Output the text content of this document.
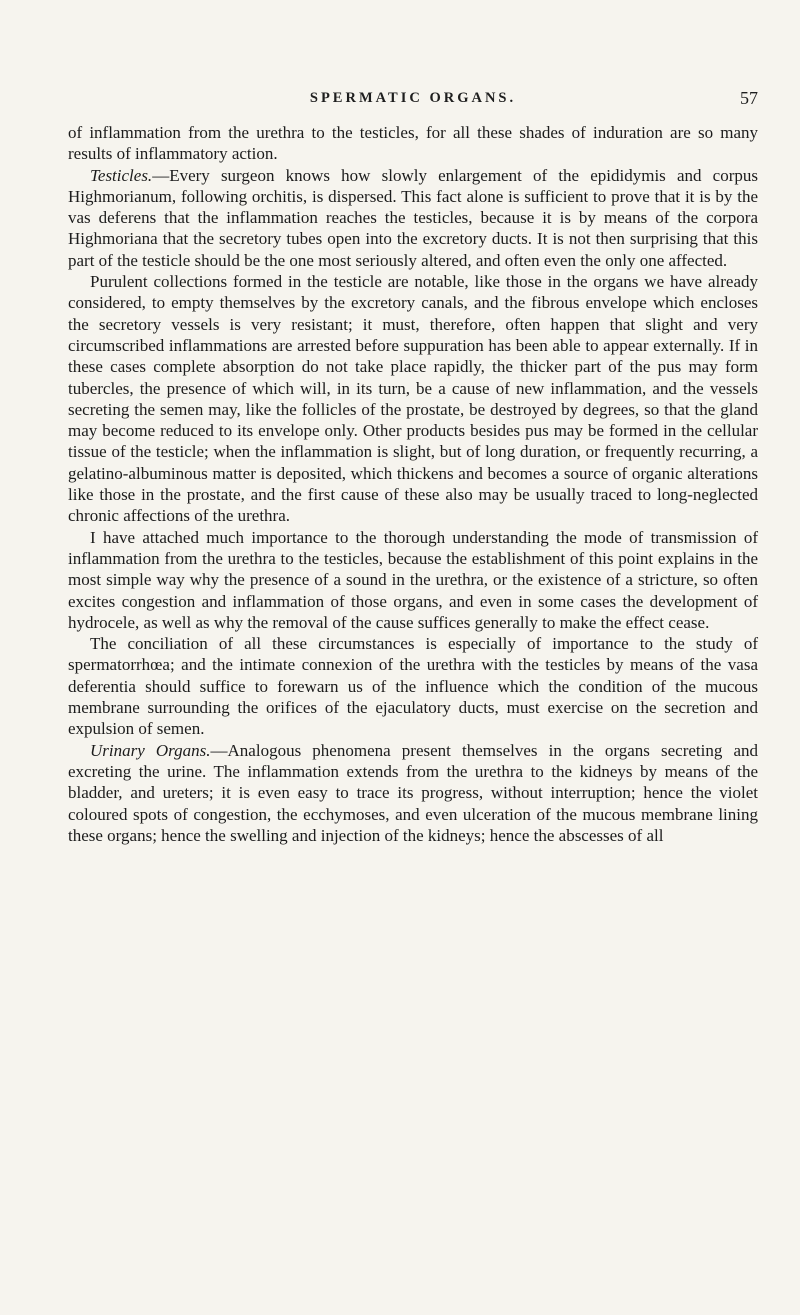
SPERMATIC ORGANS.	57

of inflammation from the urethra to the testicles, for all these shades of induration are so many results of inflammatory action.

Testicles.—Every surgeon knows how slowly enlargement of the epididymis and corpus Highmorianum, following orchitis, is dispersed. This fact alone is sufficient to prove that it is by the vas deferens that the inflammation reaches the testicles, because it is by means of the corpora Highmoriana that the secretory tubes open into the excretory ducts. It is not then surprising that this part of the testicle should be the one most seriously altered, and often even the only one affected.

Purulent collections formed in the testicle are notable, like those in the organs we have already considered, to empty themselves by the excretory canals, and the fibrous envelope which encloses the secretory vessels is very resistant; it must, therefore, often happen that slight and very circumscribed inflammations are arrested before suppuration has been able to appear externally. If in these cases complete absorption do not take place rapidly, the thicker part of the pus may form tubercles, the presence of which will, in its turn, be a cause of new inflammation, and the vessels secreting the semen may, like the follicles of the prostate, be destroyed by degrees, so that the gland may become reduced to its envelope only. Other products besides pus may be formed in the cellular tissue of the testicle; when the inflammation is slight, but of long duration, or frequently recurring, a gelatino-albuminous matter is deposited, which thickens and becomes a source of organic alterations like those in the prostate, and the first cause of these also may be usually traced to long-neglected chronic affections of the urethra.

I have attached much importance to the thorough understanding the mode of transmission of inflammation from the urethra to the testicles, because the establishment of this point explains in the most simple way why the presence of a sound in the urethra, or the existence of a stricture, so often excites congestion and inflammation of those organs, and even in some cases the development of hydrocele, as well as why the removal of the cause suffices generally to make the effect cease.

The conciliation of all these circumstances is especially of importance to the study of spermatorrhœa; and the intimate connexion of the urethra with the testicles by means of the vasa deferentia should suffice to forewarn us of the influence which the condition of the mucous membrane surrounding the orifices of the ejaculatory ducts, must exercise on the secretion and expulsion of semen.

Urinary Organs.—Analogous phenomena present themselves in the organs secreting and excreting the urine. The inflammation extends from the urethra to the kidneys by means of the bladder, and ureters; it is even easy to trace its progress, without interruption; hence the violet coloured spots of congestion, the ecchymoses, and even ulceration of the mucous membrane lining these organs; hence the swelling and injection of the kidneys; hence the abscesses of all
